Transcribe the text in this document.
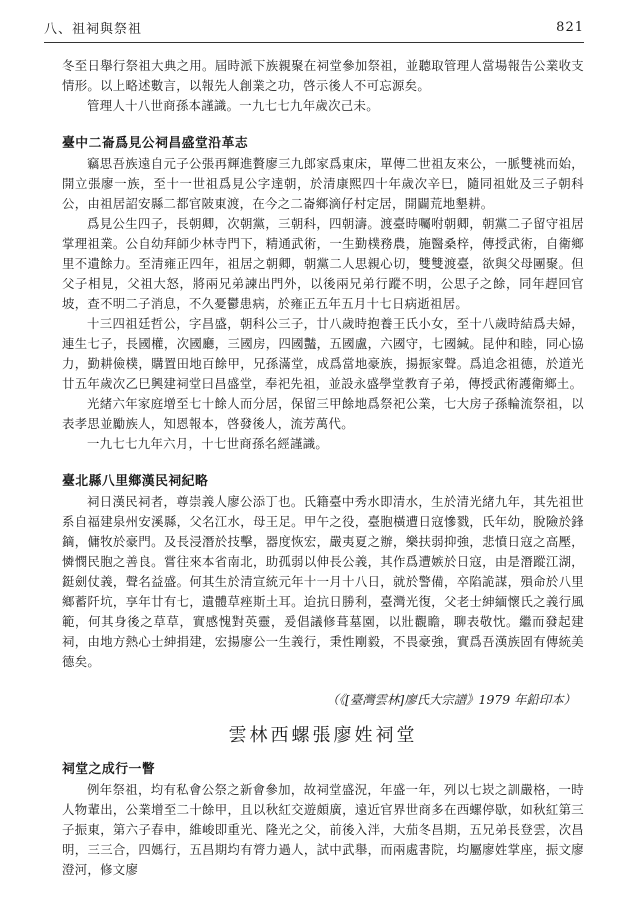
八、祖祠與祭祖	821

冬至日舉行祭祖大典之用。屆時派下族親聚在祠堂參加祭祖，並聽取管理人當場報告公業收支情形。以上略述數言，以報先人創業之功，啓示後人不可忘源矣。

管理人十八世商孫本謹識。一九七七九年歲次己未。

臺中二崙爲見公祠昌盛堂沿革志

竊思吾族遠自元子公張再輝進贅廖三九郎家爲東床，單傳二世祖友來公，一脈雙祧而始，開立張廖一族，至十一世祖爲見公字達朝，於清康熙四十年歲次辛巳，隨同祖妣及三子朝科公，由祖居詔安縣二都官陂東渡，在今之二崙鄉滴仔村定居，開闢荒地墾耕。

爲見公生四子，長朝卿，次朝黨，三朝科，四朝濤。渡臺時囑咐朝卿，朝黨二子留守祖居掌理祖業。公自幼拜師少林寺門下，精通武術，一生勤樸務農，施醫桑梓，傳授武術，自衛鄉里不遺餘力。至清雍正四年，祖居之朝卿，朝黨二人思親心切，雙雙渡臺，欲與父母團聚。但父子相見，父祖大怒，將兩兄弟諫出門外，以後兩兄弟行蹤不明，公思子之餘，同年趕回官坡，查不明二子消息，不久憂鬱患病，於雍正五年五月十七日病逝祖居。

十三四祖廷哲公，字昌盛，朝科公三子，廿八歲時抱養王氏小女，至十八歲時結爲夫婦，連生七子，長國權，次國廳，三國房，四國豔，五國盧，六國守，七國緘。昆仲和睦，同心協力，勤耕儉樸，購置田地百餘甲，兄孫滿堂，成爲當地豪族，揚振家聲。爲追念祖德，於道光廿五年歲次乙巳興建祠堂曰昌盛堂，奉祀先祖，並設永盛學堂教育子弟，傳授武術護衛鄉土。

光緒六年家庭增至七十餘人而分居，保留三甲餘地爲祭祀公業，七大房子孫輪流祭祖，以表孝思並勵族人，知恩報本，啓發後人，流芳萬代。

一九七七九年六月，十七世商孫名經謹識。

臺北縣八里鄉漢民祠紀略

祠日漢民祠者，尊崇義人廖公添丁也。氏籍臺中秀水即清水，生於清光緒九年，其先祖世系自福建泉州安溪縣，父名江水，母王足。甲午之役，臺胞橫遭日寇慘戮，氏年幼，脫險於鋒鏑，傭牧於豪門。及長浸潛於技擊，器度恢宏，嚴夷夏之辦，樂扶弱抑強，悲憤日寇之高壓，憐憫民胞之善良。嘗往來本省南北，助孤弱以伸長公義，其作爲遭嫉於日寇，由是潛蹤江湖，鋌劍仗義，聲名益盛。何其生於清宣統元年十一月十八日，就於警備，卒陷詭謀，殞命於八里鄉蓄阡坑，享年廿有七，遺體草痤斯土耳。迨抗日勝利，臺灣光復，父老士紳緬懷氏之義行風範，何其身後之草草，實感愧對英靈，爰倡議修葺墓園，以壯觀瞻，聊表敬忱。繼而發起建祠，由地方熱心士紳捐建，宏揚廖公一生義行，秉性剛毅，不畏豪強，實爲吾漢族固有傳統美德矣。

（《[臺灣雲林]廖氏大宗譜》1979 年鉛印本）
雲林西螺張廖姓祠堂
祠堂之成行一瞥

例年祭祖，均有私會公祭之新會參加，故祠堂盛況，年盛一年，列以七崁之訓嚴格，一時人物輩出，公業增至二十餘甲，且以秋紅交遊頗廣，遠近官界世商多在西螺停歇，如秋紅第三子振東，第六子春申，維峻即重光、隆光之父，前後入泮，大茄冬昌期，五兄弟長登雲，次昌明，三三合，四媽行，五昌期均有膂力過人，試中武舉，而兩處書院，均屬廖姓掌座，振文廖澄河，修文廖
